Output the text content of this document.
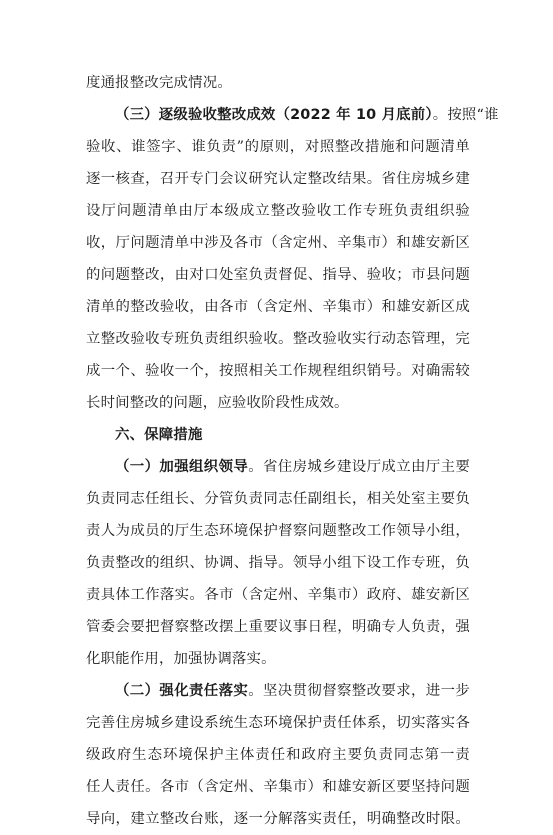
度通报整改完成情况。
（三）逐级验收整改成效（2022 年 10 月底前）。按照“谁
验收、谁签字、谁负责”的原则，对照整改措施和问题清单
逐一核查，召开专门会议研究认定整改结果。省住房城乡建
设厅问题清单由厅本级成立整改验收工作专班负责组织验
收，厅问题清单中涉及各市（含定州、辛集市）和雄安新区
的问题整改，由对口处室负责督促、指导、验收；市县问题
清单的整改验收，由各市（含定州、辛集市）和雄安新区成
立整改验收专班负责组织验收。整改验收实行动态管理，完
成一个、验收一个，按照相关工作规程组织销号。对确需较
长时间整改的问题，应验收阶段性成效。
六、保障措施
（一）加强组织领导。省住房城乡建设厅成立由厅主要
负责同志任组长、分管负责同志任副组长，相关处室主要负
责人为成员的厅生态环境保护督察问题整改工作领导小组，
负责整改的组织、协调、指导。领导小组下设工作专班，负
责具体工作落实。各市（含定州、辛集市）政府、雄安新区
管委会要把督察整改摆上重要议事日程，明确专人负责，强
化职能作用，加强协调落实。
（二）强化责任落实。坚决贯彻督察整改要求，进一步
完善住房城乡建设系统生态环境保护责任体系，切实落实各
级政府生态环境保护主体责任和政府主要负责同志第一责
任人责任。各市（含定州、辛集市）和雄安新区要坚持问题
导向，建立整改台账，逐一分解落实责任，明确整改时限。
